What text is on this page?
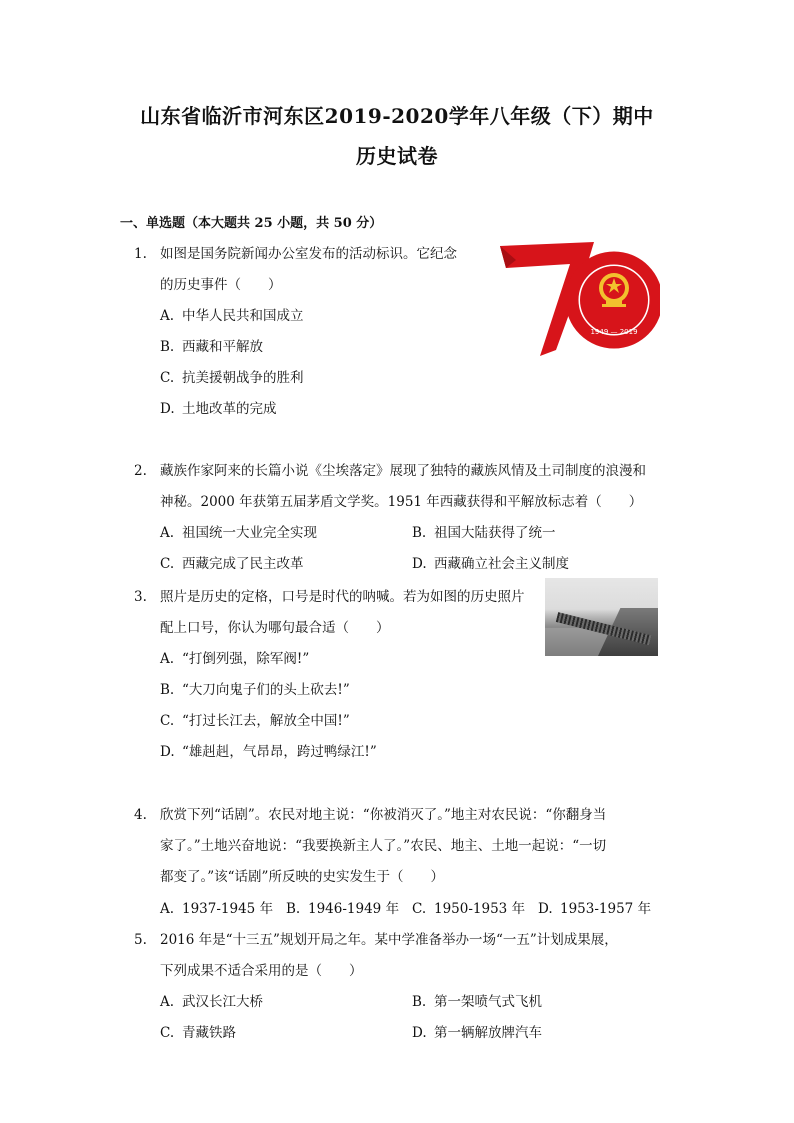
山东省临沂市河东区2019-2020学年八年级（下）期中
历史试卷
一、单选题（本大题共 25 小题，共 50 分）
1. 如图是国务院新闻办公室发布的活动标识。它纪念
的历史事件（　　）
A. 中华人民共和国成立
B. 西藏和平解放
C. 抗美援朝战争的胜利
D. 土地改革的完成
1949 — 2019
2. 藏族作家阿来的长篇小说《尘埃落定》展现了独特的藏族风情及土司制度的浪漫和
神秘。2000 年获第五届茅盾文学奖。1951 年西藏获得和平解放标志着（　　）
A. 祖国统一大业完全实现	B. 祖国大陆获得了统一
C. 西藏完成了民主改革	D. 西藏确立社会主义制度
3. 照片是历史的定格，口号是时代的呐喊。若为如图的历史照片
配上口号，你认为哪句最合适（　　）
A. “打倒列强，除军阀!”
B. “大刀向鬼子们的头上砍去!”
C. “打过长江去，解放全中国!”
D. “雄赳赳，气昂昂，跨过鸭绿江!”
4. 欣赏下列“话剧”。农民对地主说：“你被消灭了。”地主对农民说：“你翻身当
家了。”土地兴奋地说：“我要换新主人了。”农民、地主、土地一起说：“一切
都变了。”该“话剧”所反映的史实发生于（　　）
A. 1937-1945 年 B. 1946-1949 年 C. 1950-1953 年 D. 1953-1957 年
5. 2016 年是“十三五”规划开局之年。某中学准备举办一场“一五”计划成果展，
下列成果不适合采用的是（　　）
A. 武汉长江大桥	B. 第一架喷气式飞机
C. 青藏铁路	D. 第一辆解放牌汽车
